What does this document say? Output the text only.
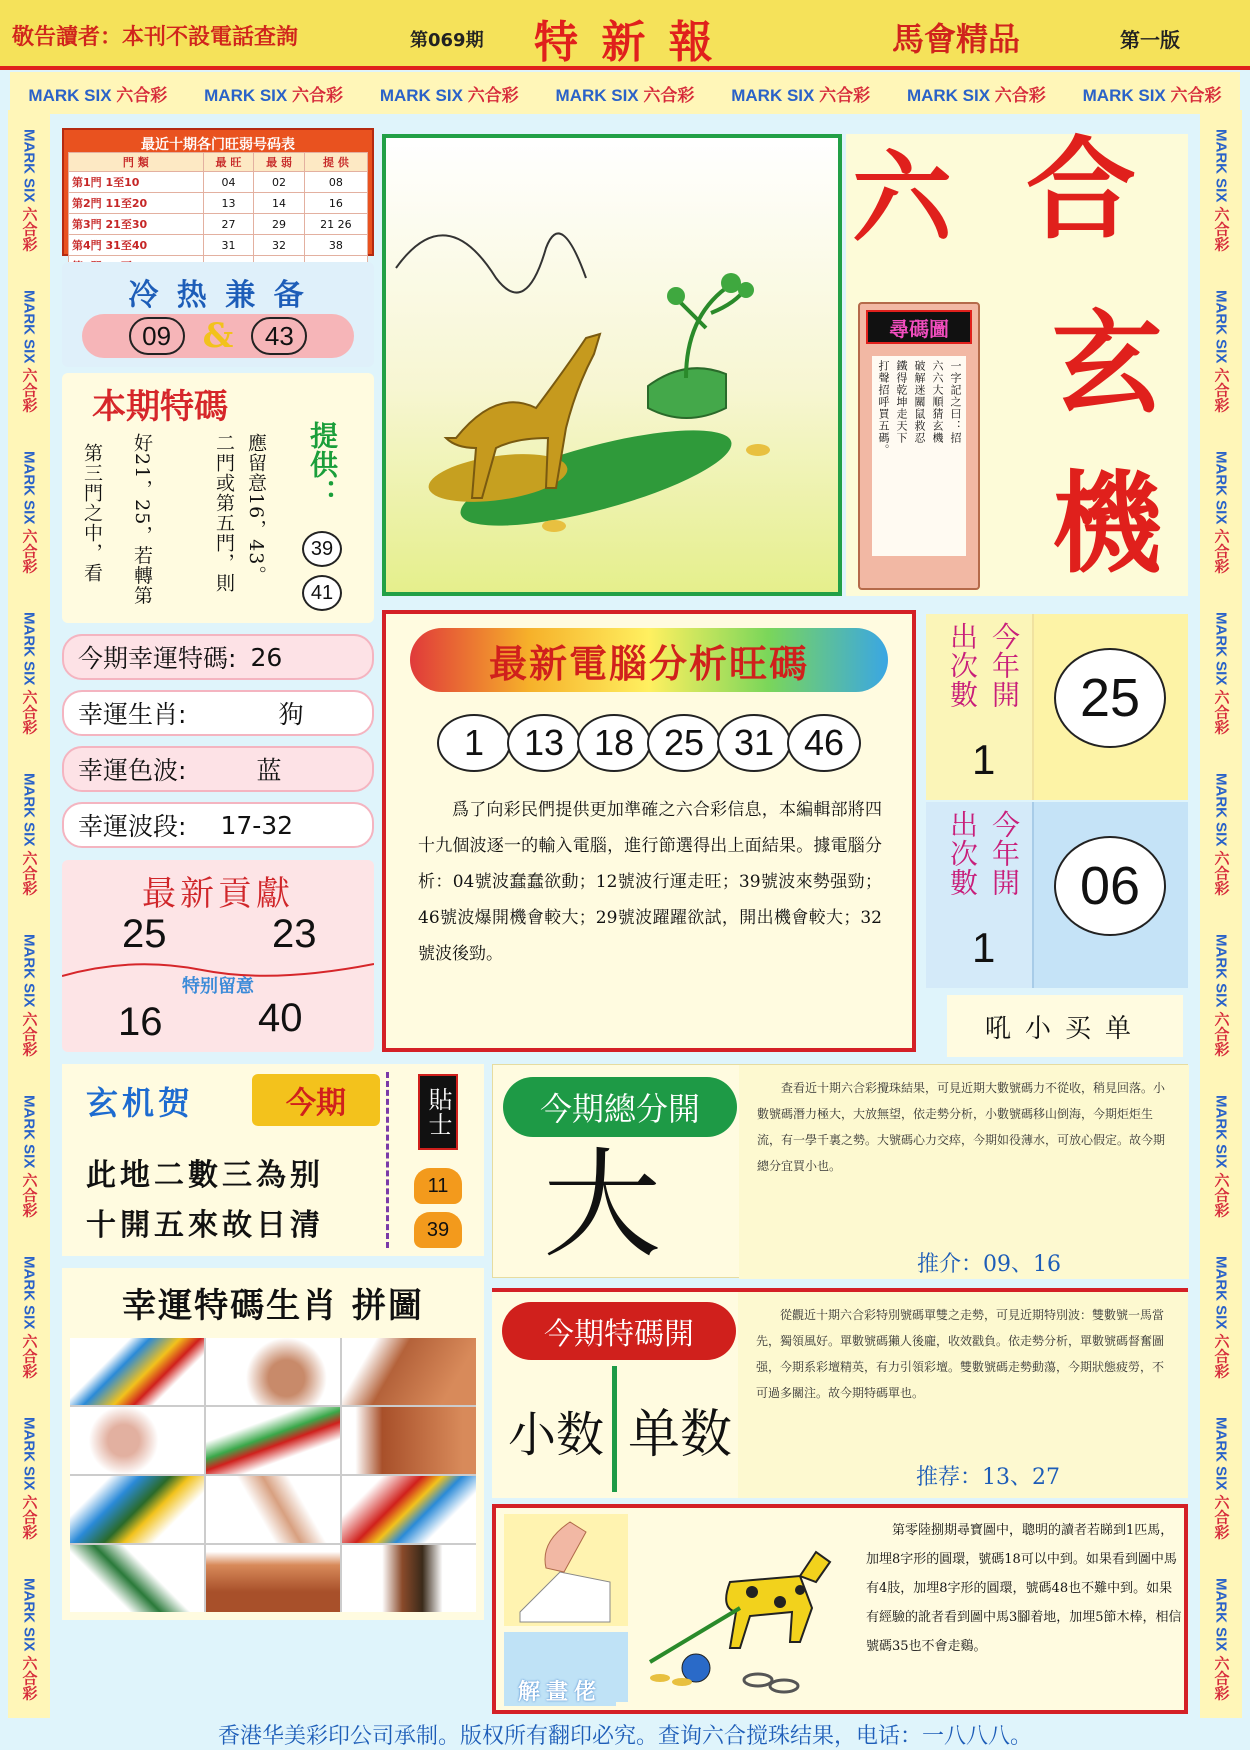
敬告讀者：本刊不設電話查詢	第069期 特 新 報	馬會精品	第一版
MARK SIX 六合彩 MARK SIX 六合彩 MARK SIX 六合彩 MARK SIX 六合彩 MARK SIX 六合彩 MARK SIX 六合彩 MARK SIX 六合彩
MARK SIX 六合彩
MARK SIX 六合彩
MARK SIX 六合彩
MARK SIX 六合彩
MARK SIX 六合彩
MARK SIX 六合彩
MARK SIX 六合彩
MARK SIX 六合彩
MARK SIX 六合彩
MARK SIX 六合彩
MARK SIX 六合彩
MARK SIX 六合彩
MARK SIX 六合彩
MARK SIX 六合彩
MARK SIX 六合彩
MARK SIX 六合彩
MARK SIX 六合彩
MARK SIX 六合彩
MARK SIX 六合彩
MARK SIX 六合彩
最近十期各门旺弱号码表
門 類	最 旺	最 弱	提 供
第1門 1至10	04	02	08
第2門 11至20	13	14	16
第3門 21至30	27	29	21 26
第4門 31至40	31	32	38

冷 热 兼 备
09 &	43
本期特碼
應留意16，43。
二門或第五門，則
好21，25，若轉第
第三門之中，看	提供：
39
41
今期幸運特碼: 26
幸運生肖:	狗
幸運色波:	蓝
幸運波段: 17-32
最新貢獻
25	23
特别留意
16 40
六 合
玄
機
尋碼圖
一字記之曰：招
六六大順猜玄機
破解迷關鼠救忍
鐵得乾坤走天下
打聲招呼買五碼。
最新電腦分析旺碼
1	13 18 25 31 46
爲了向彩民們提供更加準確之六合彩信息，本編輯部將四十九個波逐一的輸入電腦，進行節選得出上面結果。據電腦分析：04號波蠢蠢欲動；12號波行運走旺；39號波來勢强勁；46號波爆開機會較大；29號波躍躍欲試，開出機會較大；32號波後勁。
今年開
出次數
1
25
今年開
出次數
1
06
玄机贺	今期
此地二數三為别
十開五來故日清
貼士
11
39
幸運特碼生肖 拼圖
吼小买单
今期總分開
大
查看近十期六合彩攪珠結果，可見近期大數號碼力不從收，稍見回落。小數號碼潛力極大，大放無望，依走勢分析，小數號碼移山倒海，今期炬炬生流，有一學千裏之勢。大號碼心力交瘁，今期如役薄水，可放心假定。故今期總分宜買小也。
推介：09、16
今期特碼開
小数 单数
從觀近十期六合彩特別號碼單雙之走勢，可見近期特別波：雙數號一馬當先，獨領風好。單數號碼獺人後龐，收效戳負。依走勢分析，單數號碼督奮圖强，今期系彩壇精英，有力引領彩壇。雙數號碼走勢動蕩，今期狀態疲勞，不可過多關注。故今期特碼單也。
推荐：13、27
解畫佬
第零陸捌期尋寶圖中，聰明的讀者若睇到1匹馬，加埋8字形的圓環，號碼18可以中到。如果看到圖中馬有4肢，加埋8字形的圓環，號碼48也不難中到。如果有經驗的訛者看到圖中馬3腳着地，加埋5節木棒，相信號碼35也不會走鷄。
香港华美彩印公司承制。版权所有翻印必究。查询六合搅珠结果，电话：一八八八。
